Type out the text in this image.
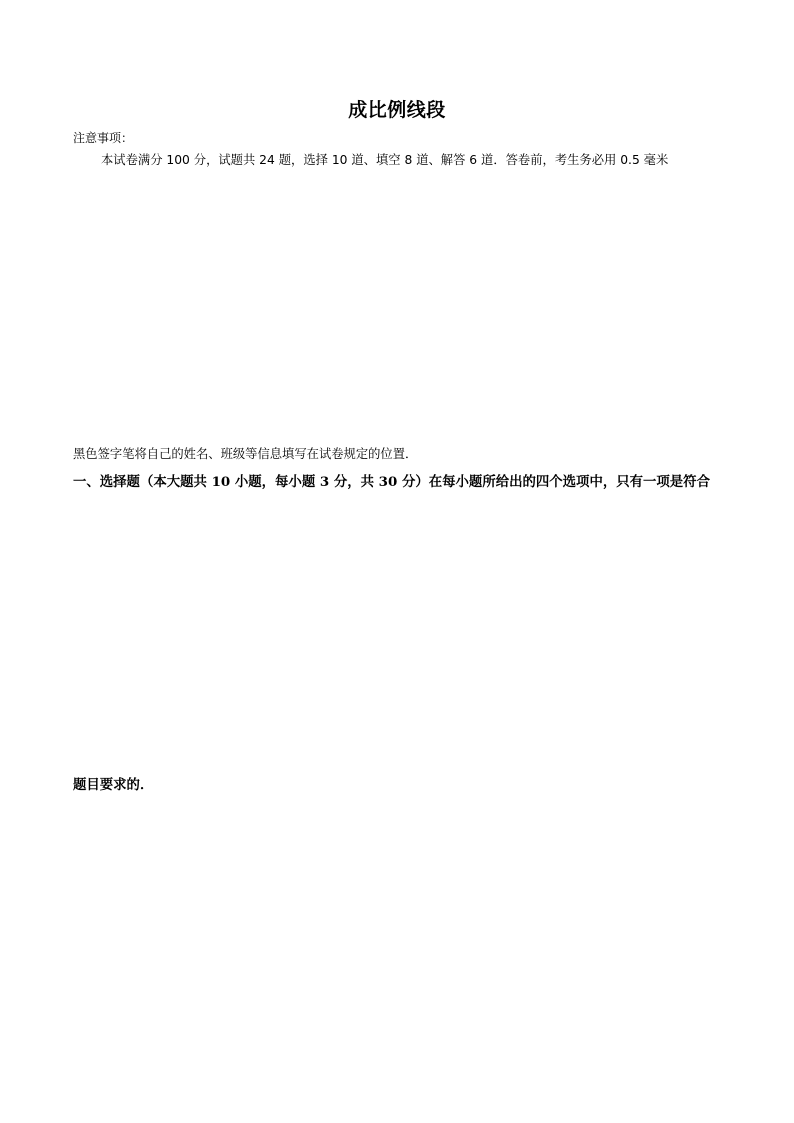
成比例线段
注意事项：
本试卷满分 100 分，试题共 24 题，选择 10 道、填空 8 道、解答 6 道．答卷前，考生务必用 0.5 毫米
黑色签字笔将自己的姓名、班级等信息填写在试卷规定的位置．
一、选择题（本大题共 10 小题，每小题 3 分，共 30 分）在每小题所给出的四个选项中，只有一项是符合
题目要求的．
